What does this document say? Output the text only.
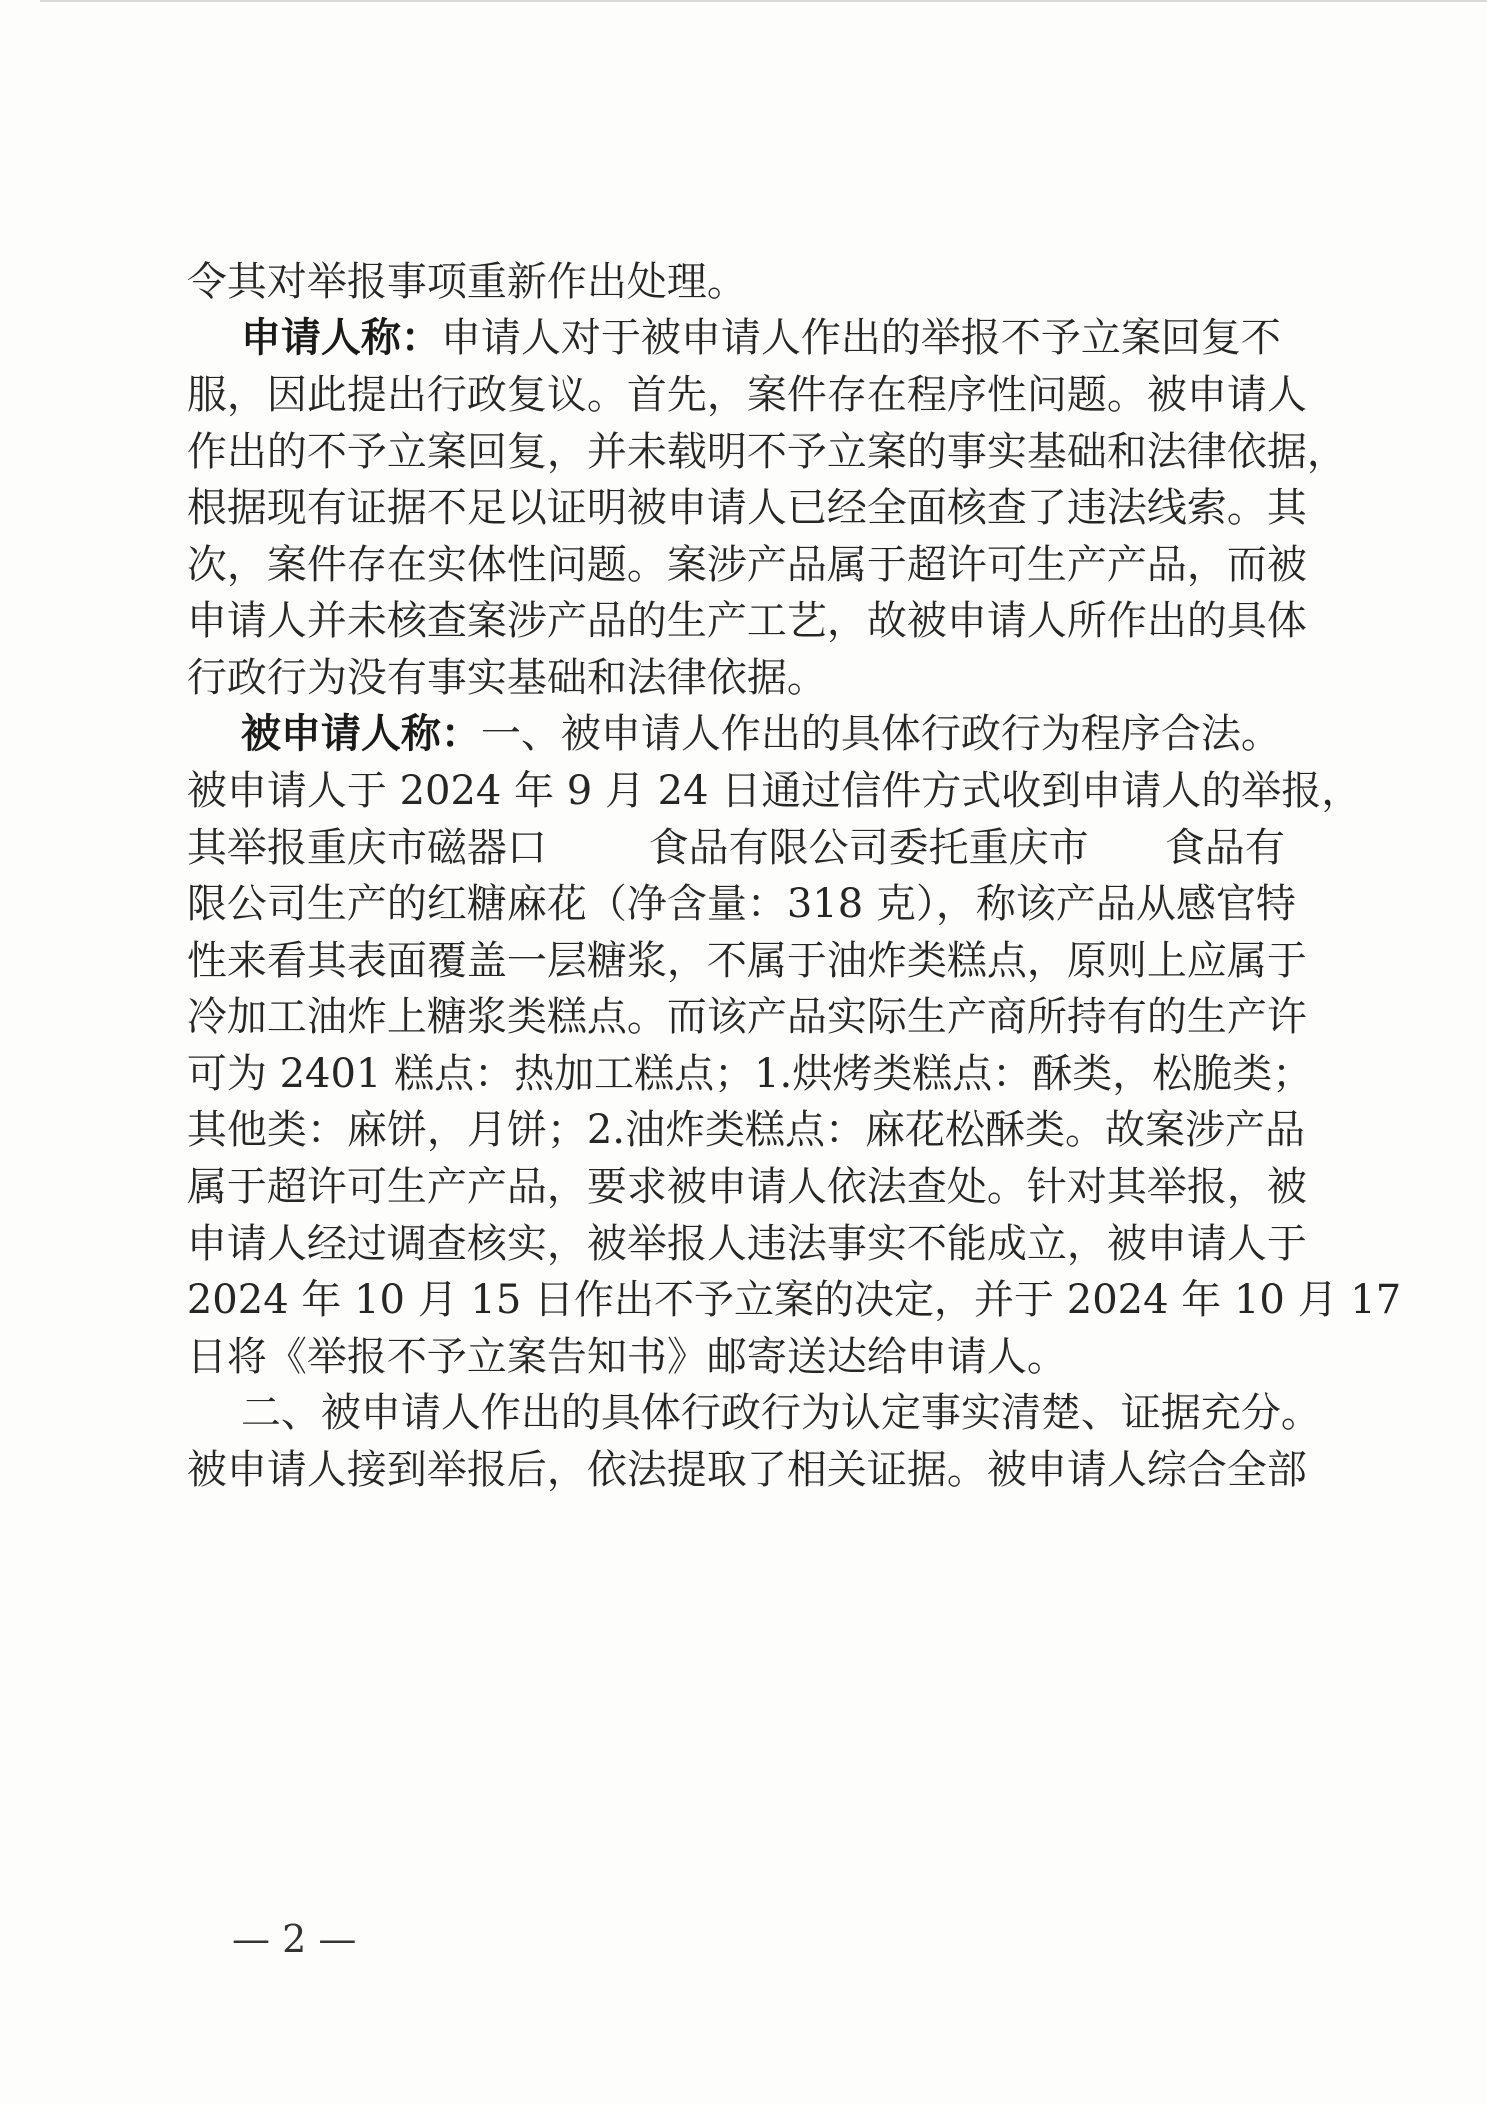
令其对举报事项重新作出处理。

申请人称：申请人对于被申请人作出的举报不予立案回复不

服，因此提出行政复议。首先，案件存在程序性问题。被申请人

作出的不予立案回复，并未载明不予立案的事实基础和法律依据，

根据现有证据不足以证明被申请人已经全面核查了违法线索。其

次，案件存在实体性问题。案涉产品属于超许可生产产品，而被

申请人并未核查案涉产品的生产工艺，故被申请人所作出的具体

行政行为没有事实基础和法律依据。

被申请人称：一、被申请人作出的具体行政行为程序合法。

被申请人于 2024 年 9 月 24 日通过信件方式收到申请人的举报，

其举报重庆市磁器口        食品有限公司委托重庆市      食品有

限公司生产的红糖麻花（净含量：318 克），称该产品从感官特

性来看其表面覆盖一层糖浆，不属于油炸类糕点，原则上应属于

冷加工油炸上糖浆类糕点。而该产品实际生产商所持有的生产许

可为 2401 糕点：热加工糕点；1.烘烤类糕点：酥类，松脆类；

其他类：麻饼，月饼；2.油炸类糕点：麻花松酥类。故案涉产品

属于超许可生产产品，要求被申请人依法查处。针对其举报，被

申请人经过调查核实，被举报人违法事实不能成立，被申请人于

2024 年 10 月 15 日作出不予立案的决定，并于 2024 年 10 月 17

日将《举报不予立案告知书》邮寄送达给申请人。

二、被申请人作出的具体行政行为认定事实清楚、证据充分。

被申请人接到举报后，依法提取了相关证据。被申请人综合全部

— 2 —
